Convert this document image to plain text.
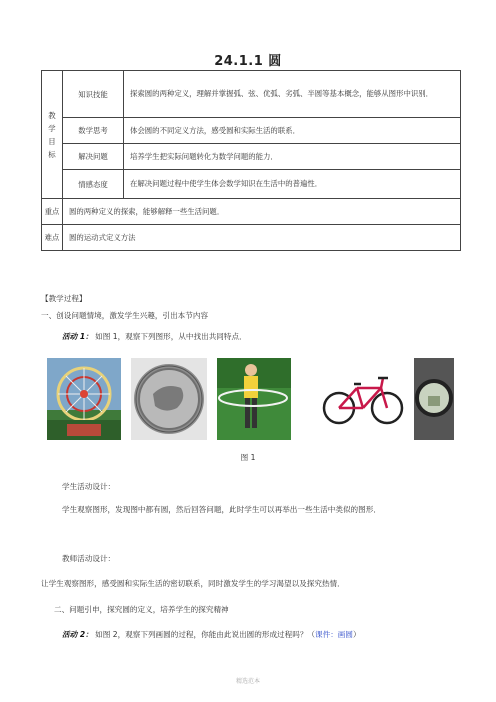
24.1.1 圆
教
学
目
标	知识技能	探索圆的两种定义，理解并掌握弧、弦、优弧、劣弧、半圆等基本概念，能够从图形中识别．
	数学思考	体会圆的不同定义方法，感受圆和实际生活的联系．
	解决问题	培养学生把实际问题转化为数学问题的能力．
	情感态度	在解决问题过程中使学生体会数学知识在生活中的普遍性．
重点	圆的两种定义的探索，能够解释一些生活问题．	
难点	圆的运动式定义方法	
【教学过程】
一、创设问题情境，激发学生兴趣，引出本节内容
活动 1： 如图 1，观察下列图形，从中找出共同特点．
图 1
学生活动设计：
学生观察图形，发现图中都有圆，然后回答问题，此时学生可以再举出一些生活中类似的图形．
教师活动设计：
让学生观察图形，感受圆和实际生活的密切联系，同时激发学生的学习渴望以及探究热情．
二、问题引申，探究圆的定义，培养学生的探究精神
活动 2： 如图 2，观察下列画圆的过程，你能由此说出圆的形成过程吗？（课件：画圆）
精选范本
